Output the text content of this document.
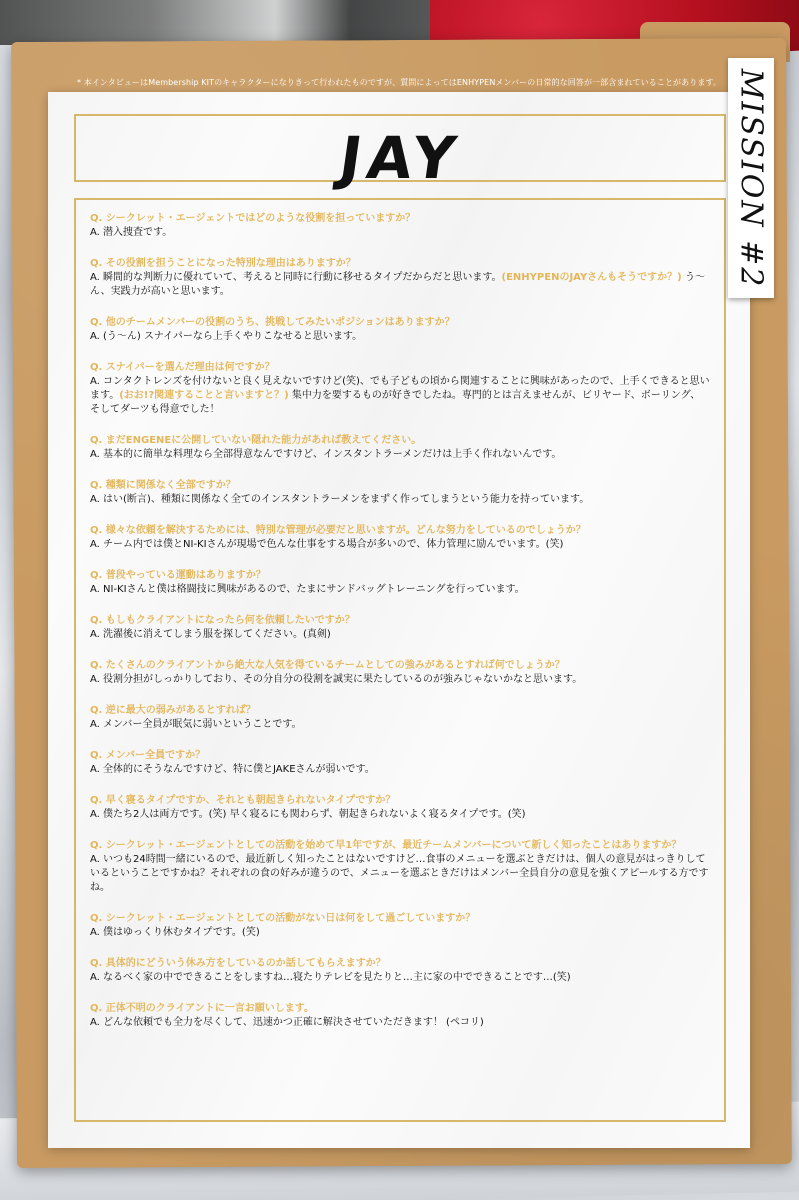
* 本インタビューはMembership KITのキャラクターになりきって行われたものですが、質問によってはENHYPENメンバーの日常的な回答が一部含まれていることがあります。
JAY
Q. シークレット・エージェントではどのような役割を担っていますか？
A. 潜入捜査です。
Q. その役割を担うことになった特別な理由はありますか？
A. 瞬間的な判断力に優れていて、考えると同時に行動に移せるタイプだからだと思います。(ENHYPENのJAYさんもそうですか？) う〜ん、実践力が高いと思います。
Q. 他のチームメンバーの役割のうち、挑戦してみたいポジションはありますか？
A. (う〜ん) スナイパーなら上手くやりこなせると思います。
Q. スナイパーを選んだ理由は何ですか？
A. コンタクトレンズを付けないと良く見えないですけど(笑)、でも子どもの頃から関連することに興味があったので、上手くできると思います。(おお!?関連することと言いますと？) 集中力を要するものが好きでしたね。専門的とは言えませんが、ビリヤード、ボーリング、そしてダーツも得意でした！
Q. まだENGENEに公開していない隠れた能力があれば教えてください。
A. 基本的に簡単な料理なら全部得意なんですけど、インスタントラーメンだけは上手く作れないんです。
Q. 種類に関係なく全部ですか？
A. はい(断言)、種類に関係なく全てのインスタントラーメンをまずく作ってしまうという能力を持っています。
Q. 様々な依頼を解決するためには、特別な管理が必要だと思いますが。どんな努力をしているのでしょうか？
A. チーム内では僕とNI-KIさんが現場で色んな仕事をする場合が多いので、体力管理に励んでいます。(笑)
Q. 普段やっている運動はありますか？
A. NI-KIさんと僕は格闘技に興味があるので、たまにサンドバッグトレーニングを行っています。
Q. もしもクライアントになったら何を依頼したいですか？
A. 洗濯後に消えてしまう服を探してください。(真剣)
Q. たくさんのクライアントから絶大な人気を得ているチームとしての強みがあるとすれば何でしょうか？
A. 役割分担がしっかりしており、その分自分の役割を誠実に果たしているのが強みじゃないかなと思います。
Q. 逆に最大の弱みがあるとすれば？
A. メンバー全員が眠気に弱いということです。
Q. メンバー全員ですか？
A. 全体的にそうなんですけど、特に僕とJAKEさんが弱いです。
Q. 早く寝るタイプですか、それとも朝起きられないタイプですか？
A. 僕たち2人は両方です。(笑) 早く寝るにも関わらず、朝起きられないよく寝るタイプです。(笑)
Q. シークレット・エージェントとしての活動を始めて早1年ですが、最近チームメンバーについて新しく知ったことはありますか？
A. いつも24時間一緒にいるので、最近新しく知ったことはないですけど…食事のメニューを選ぶときだけは、個人の意見がはっきりしているということですかね？それぞれの食の好みが違うので、メニューを選ぶときだけはメンバー全員自分の意見を強くアピールする方ですね。
Q. シークレット・エージェントとしての活動がない日は何をして過ごしていますか？
A. 僕はゆっくり休むタイプです。(笑)
Q. 具体的にどういう休み方をしているのか話してもらえますか？
A. なるべく家の中でできることをしますね…寝たりテレビを見たりと…主に家の中でできることです…(笑)
Q. 正体不明のクライアントに一言お願いします。
A. どんな依頼でも全力を尽くして、迅速かつ正確に解決させていただきます！ (ペコリ)
MISSION #2
